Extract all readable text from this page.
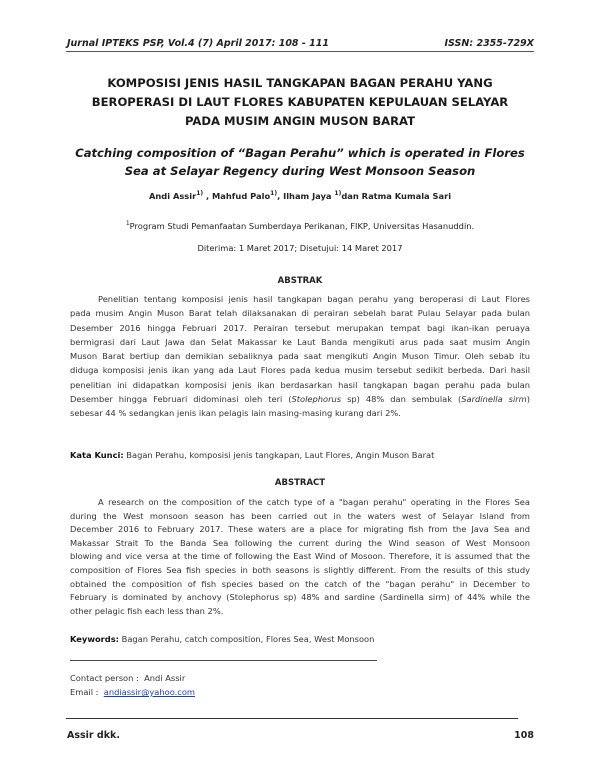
Jurnal IPTEKS PSP, Vol.4 (7) April 2017: 108 - 111	ISSN: 2355-729X
KOMPOSISI JENIS HASIL TANGKAPAN BAGAN PERAHU YANG
BEROPERASI DI LAUT FLORES KABUPATEN KEPULAUAN SELAYAR
PADA MUSIM ANGIN MUSON BARAT
Catching composition of “Bagan Perahu” which is operated in Flores
Sea at Selayar Regency during West Monsoon Season
Andi Assir$^{1)}$ , Mahfud Palo$^{1)}$, Ilham Jaya $^{1)}$dan Ratma Kumala Sari
$^1$Program Studi Pemanfaatan Sumberdaya Perikanan, FIKP, Universitas Hasanuddin.
Diterima: 1 Maret 2017; Disetujui: 14 Maret 2017
ABSTRAK
Penelitian tentang komposisi jenis hasil tangkapan bagan perahu yang beroperasi di Laut Flores
pada musim Angin Muson Barat telah dilaksanakan di perairan sebelah barat Pulau Selayar pada bulan
Desember 2016 hingga Februari 2017. Perairan tersebut merupakan tempat bagi ikan-ikan peruaya
bermigrasi dari Laut Jawa dan Selat Makassar ke Laut Banda mengikuti arus pada saat musim Angin
Muson Barat bertiup dan demikian sebaliknya pada saat mengikuti Angin Muson Timur. Oleh sebab itu
diduga komposisi jenis ikan yang ada Laut Flores pada kedua musim tersebut sedikit berbeda. Dari hasil
penelitian ini didapatkan komposisi jenis ikan berdasarkan hasil tangkapan bagan perahu pada bulan
Desember hingga Februari didominasi oleh teri (Stolephorus sp) 48% dan sembulak (Sardinella sirm)
sebesar 44 % sedangkan jenis ikan pelagis lain masing-masing kurang dari 2%.
Kata Kunci: Bagan Perahu, komposisi jenis tangkapan, Laut Flores, Angin Muson Barat
ABSTRACT
A research on the composition of the catch type of a "bagan perahu" operating in the Flores Sea
during the West monsoon season has been carried out in the waters west of Selayar Island from
December 2016 to February 2017. These waters are a place for migrating fish from the Java Sea and
Makassar Strait To the Banda Sea following the current during the Wind season of West Monsoon
blowing and vice versa at the time of following the East Wind of Mosoon. Therefore, it is assumed that the
composition of Flores Sea fish species in both seasons is slightly different. From the results of this study
obtained the composition of fish species based on the catch of the "bagan perahu" in December to
February is dominated by anchovy (Stolephorus sp) 48% and sardine (Sardinella sirm) of 44% while the
other pelagic fish each less than 2%.
Keywords: Bagan Perahu, catch composition, Flores Sea, West Monsoon
Contact person : Andi Assir
Email : andiassir@yahoo.com
Assir dkk.	108
